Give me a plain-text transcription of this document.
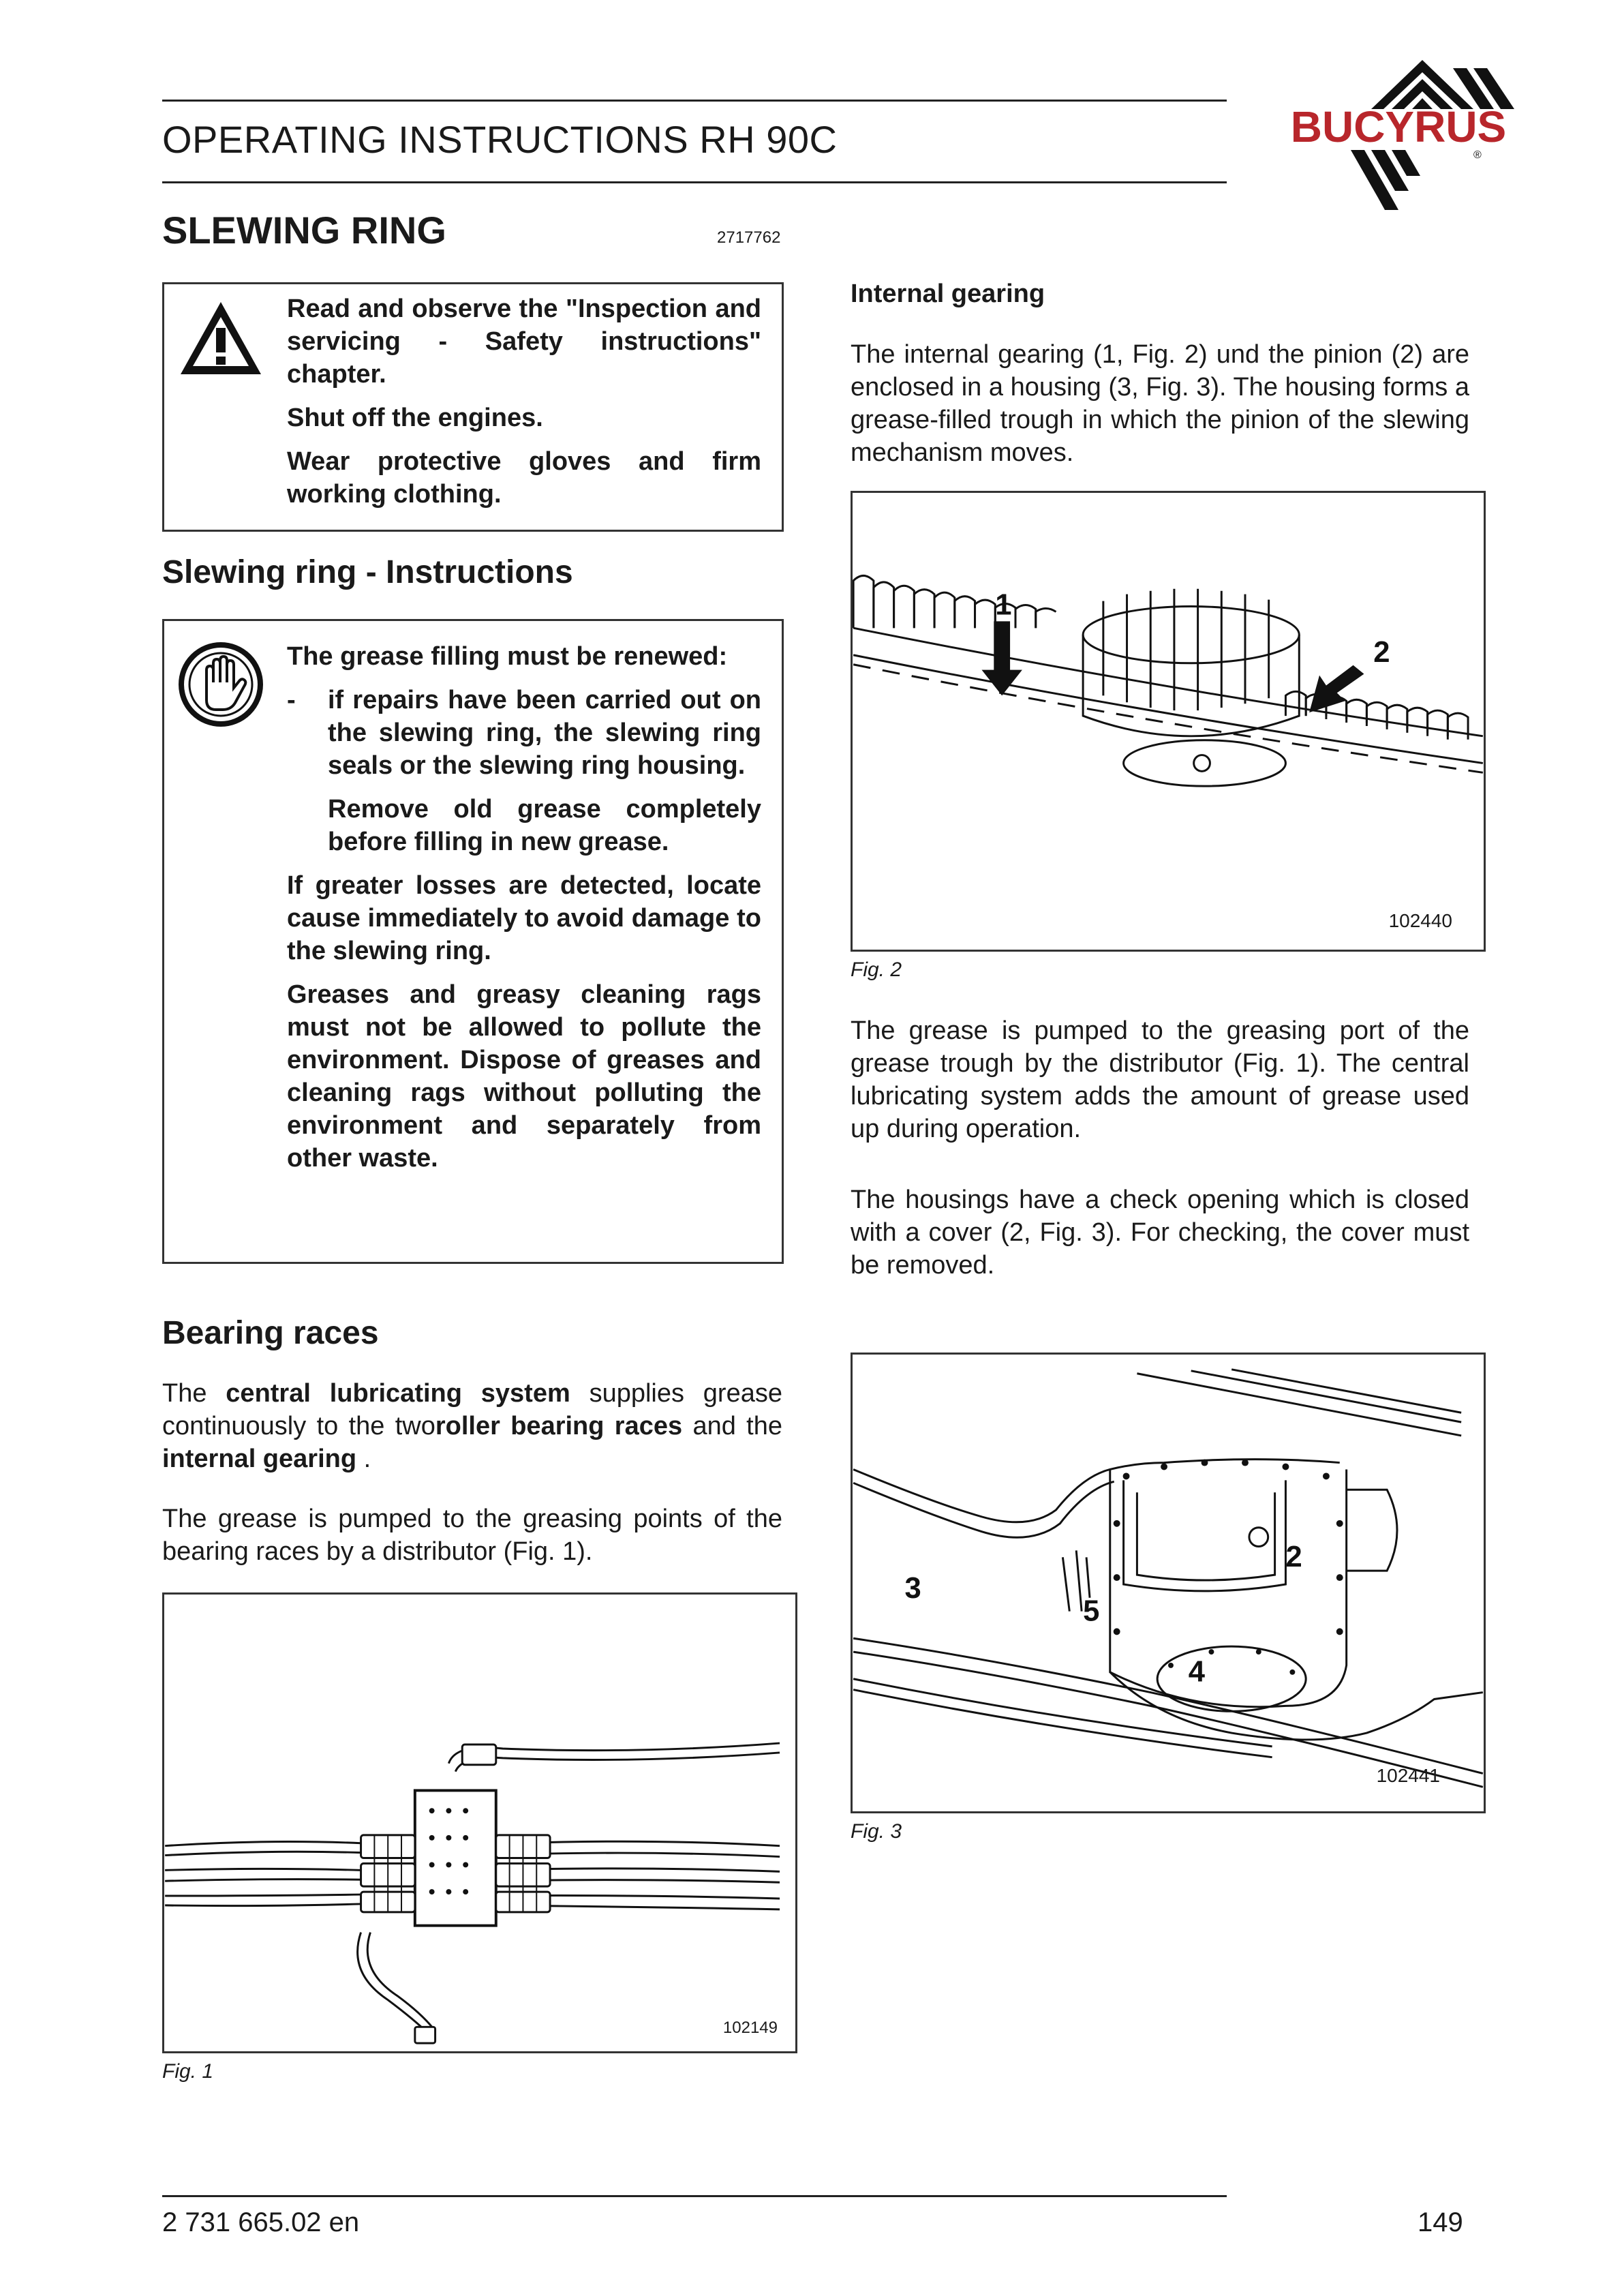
OPERATING INSTRUCTIONS RH 90C	BUCYRUS
®
SLEWING RING	2717762

Read and observe the "Inspection and servicing - Safety instructions" chapter.

Shut off the engines.

Wear protective gloves and firm working clothing.

Slewing ring - Instructions

The grease filling must be renewed:

- if repairs have been carried out on the slewing ring, the slewing ring seals or the slewing ring housing.

Remove old grease completely before filling in new grease.

If greater losses are detected, locate cause immediately to avoid damage to the slewing ring.

Greases and greasy cleaning rags must not be allowed to pollute the environment. Dispose of greases and cleaning rags without polluting the environment and separately from other waste.

Bearing races

The central lubricating system supplies grease continuously to the tworoller bearing races and the internal gearing .

The grease is pumped to the greasing points of the bearing races by a distributor (Fig. 1).

102149
Fig. 1
Internal gearing

The internal gearing (1, Fig. 2) und the pinion (2) are enclosed in a housing (3, Fig. 3). The housing forms a grease-filled trough in which the pinion of the slewing mechanism moves.

1
2
102440
Fig. 2

The grease is pumped to the greasing port of the grease trough by the distributor (Fig. 1). The central lubricating system adds the amount of grease used up during operation.

The housings have a check opening which is closed with a cover (2, Fig. 3). For checking, the cover must be removed.

3
5
2
4
102441
Fig. 3
2 731 665.02 en	149
